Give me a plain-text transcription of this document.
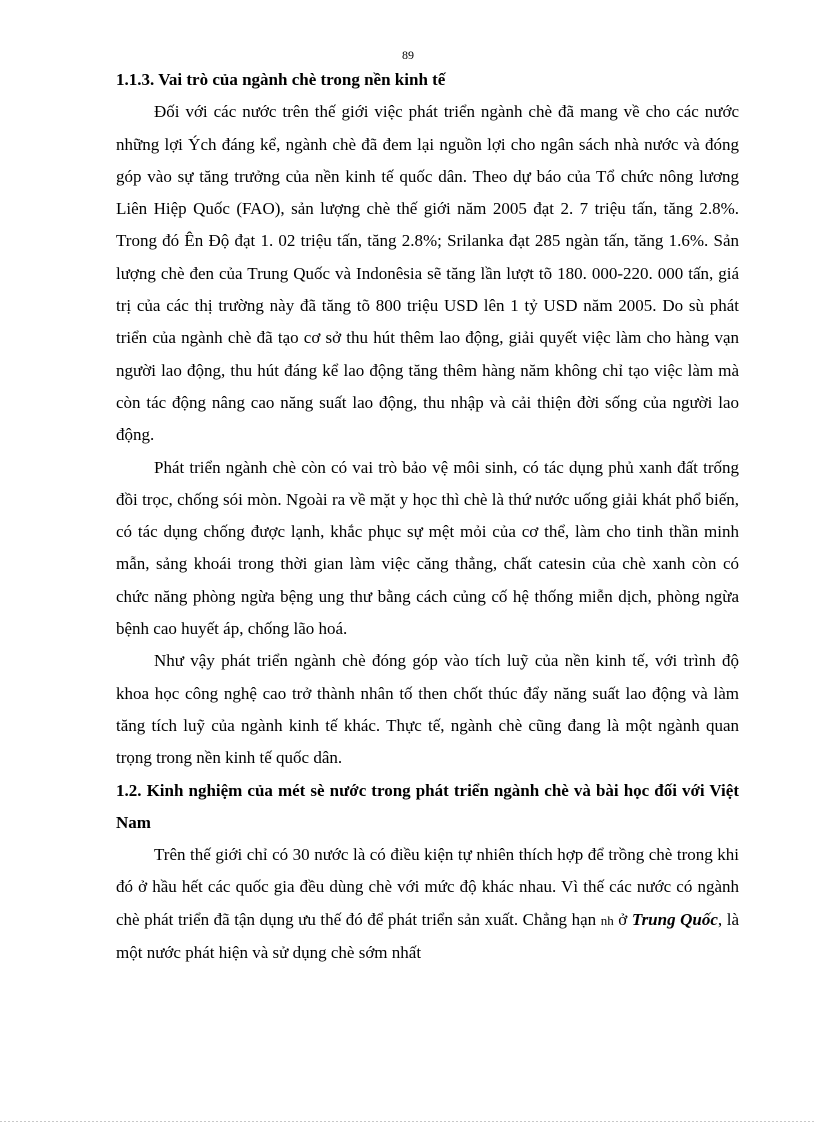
89
1.1.3. Vai trò của ngành chè trong nền kinh tế

Đối với các nước trên thế giới việc phát triển ngành chè đã mang về cho các nước những lợi Ých đáng kể, ngành chè đã đem lại nguồn lợi cho ngân sách nhà nước và đóng góp vào sự tăng trưởng của nền kinh tế quốc dân. Theo dự báo của Tổ chức nông lương Liên Hiệp Quốc (FAO), sản lượng chè thế giới năm 2005 đạt 2. 7 triệu tấn, tăng 2.8%. Trong đó Ên Độ đạt 1. 02 triệu tấn, tăng 2.8%; Srilanka đạt 285 ngàn tấn, tăng 1.6%. Sản lượng chè đen của Trung Quốc và Indonêsia sẽ tăng lần lượt tõ 180. 000-220. 000 tấn, giá trị của các thị trường này đã tăng tõ 800 triệu USD lên 1 tỷ USD năm 2005. Do sù phát triển của ngành chè đã tạo cơ sở thu hút thêm lao động, giải quyết việc làm cho hàng vạn người lao động, thu hút đáng kể lao động tăng thêm hàng năm không chỉ tạo việc làm mà còn tác động nâng cao năng suất lao động, thu nhập và cải thiện đời sống của người lao động.

Phát triển ngành chè còn có vai trò bảo vệ môi sinh, có tác dụng phủ xanh đất trống đồi trọc, chống sói mòn. Ngoài ra về mặt y học thì chè là thứ nước uống giải khát phổ biến, có tác dụng chống được lạnh, khắc phục sự mệt mỏi của cơ thể, làm cho tinh thần minh mẫn, sảng khoái trong thời gian làm việc căng thẳng, chất catesin của chè xanh còn có chức năng phòng ngừa bệng ung thư bằng cách củng cố hệ thống miễn dịch, phòng ngừa bệnh cao huyết áp, chống lão hoá.

Như vậy phát triển ngành chè đóng góp vào tích luỹ của nền kinh tế, với trình độ khoa học công nghệ cao trở thành nhân tố then chốt thúc đẩy năng suất lao động và làm tăng tích luỹ của ngành kinh tế khác. Thực tế, ngành chè cũng đang là một ngành quan trọng trong nền kinh tế quốc dân.

1.2. Kinh nghiệm của mét sè nước trong phát triển ngành chè và bài học đối với Việt Nam

Trên thế giới chỉ có 30 nước là có điều kiện tự nhiên thích hợp để trồng chè trong khi đó ở hầu hết các quốc gia đều dùng chè với mức độ khác nhau. Vì thế các nước có ngành chè phát triển đã tận dụng ưu thế đó để phát triển sản xuất. Chẳng hạn nh ở Trung Quốc, là một nước phát hiện và sử dụng chè sớm nhất
